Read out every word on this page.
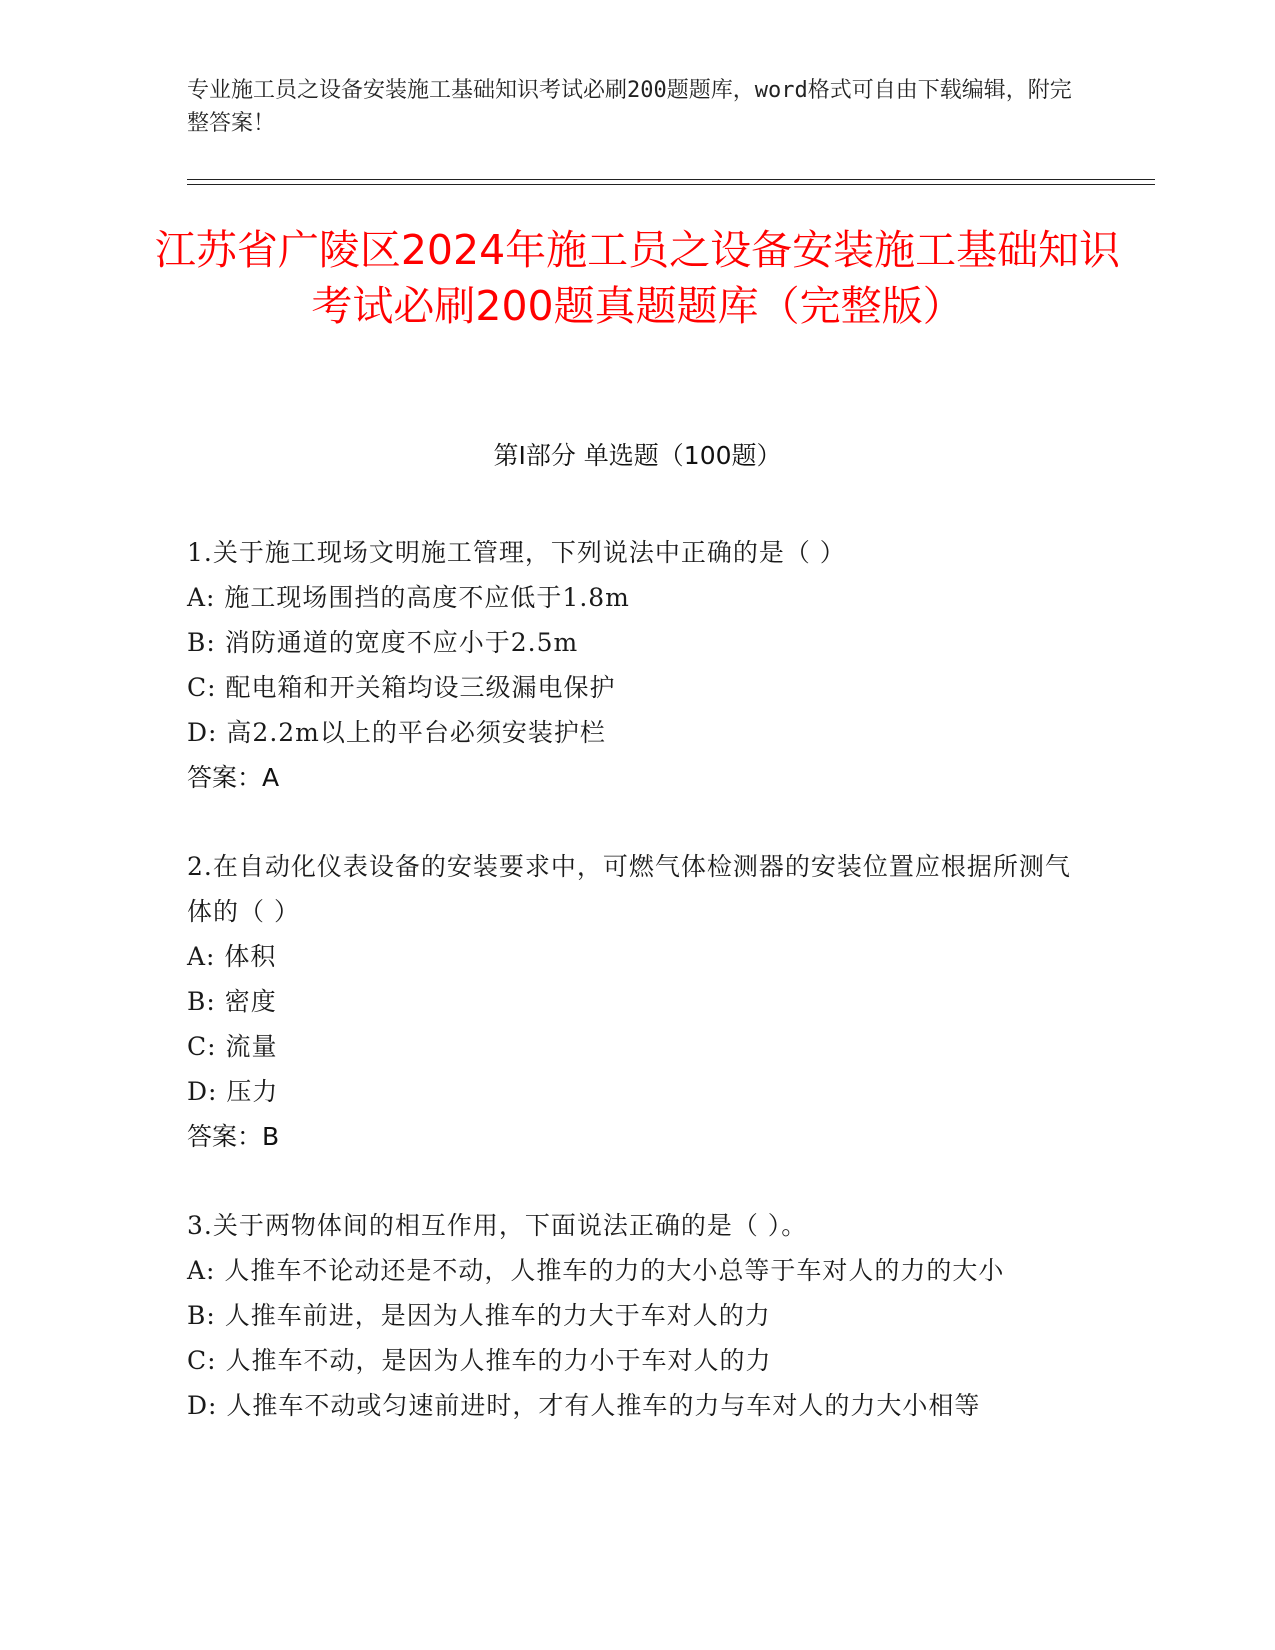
专业施工员之设备安装施工基础知识考试必刷200题题库，word格式可自由下载编辑，附完整答案！
江苏省广陵区2024年施工员之设备安装施工基础知识考试必刷200题真题题库（完整版）
第I部分 单选题（100题）
1.关于施工现场文明施工管理，下列说法中正确的是（ ）
A: 施工现场围挡的高度不应低于1.8m
B: 消防通道的宽度不应小于2.5m
C: 配电箱和开关箱均设三级漏电保护
D: 高2.2m以上的平台必须安装护栏
答案：A
2.在自动化仪表设备的安装要求中，可燃气体检测器的安装位置应根据所测气体的（ ）
A: 体积
B: 密度
C: 流量
D: 压力
答案：B
3.关于两物体间的相互作用，下面说法正确的是（ ）。
A: 人推车不论动还是不动，人推车的力的大小总等于车对人的力的大小
B: 人推车前进，是因为人推车的力大于车对人的力
C: 人推车不动，是因为人推车的力小于车对人的力
D: 人推车不动或匀速前进时，才有人推车的力与车对人的力大小相等
